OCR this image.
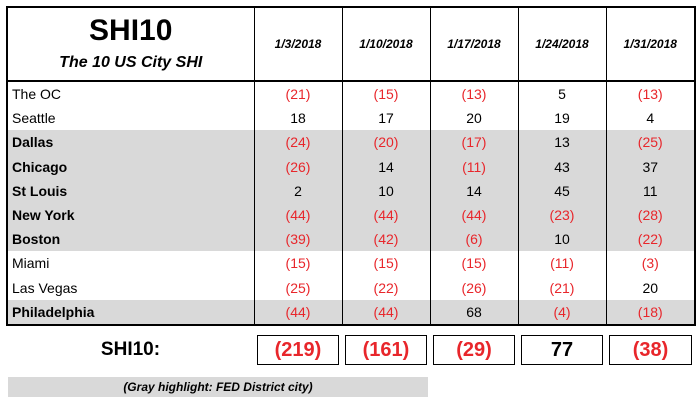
SHI10
The 10 US City SHI	1/3/2018	1/10/2018	1/17/2018	1/24/2018	1/31/2018
The OC	(21)	(15)	(13)	5	(13)
Seattle	18	17	20	19	4
Dallas	(24)	(20)	(17)	13	(25)
Chicago	(26)	14	(11)	43	37
St Louis	2	10	14	45	11
New York	(44)	(44)	(44)	(23)	(28)
Boston	(39)	(42)	(6)	10	(22)
Miami	(15)	(15)	(15)	(11)	(3)
Las Vegas	(25)	(22)	(26)	(21)	20
Philadelphia	(44)	(44)	68	(4)	(18)
SHI10:	(219)	(161)	(29)	77	(38)
(Gray highlight: FED District city)
